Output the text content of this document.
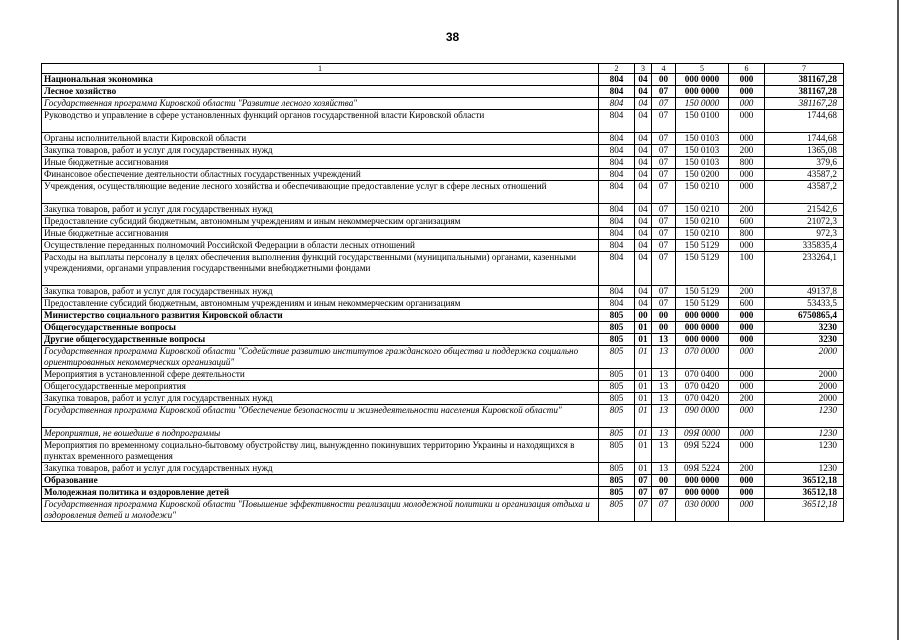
38
1	2	3	4	5	6	7
Национальная экономика	804	04	00	000 0000	000	381167,28
Лесное хозяйство	804	04	07	000 0000	000	381167,28
Государственная программа Кировской области "Развитие лесного хозяйства"	804	04	07	150 0000	000	381167,28
Руководство и управление в сфере установленных функций органов государственной власти Кировской области	804	04	07	150 0100	000	1744,68
Органы исполнительной власти Кировской области	804	04	07	150 0103	000	1744,68
Закупка товаров, работ и услуг для государственных нужд	804	04	07	150 0103	200	1365,08
Иные бюджетные ассигнования	804	04	07	150 0103	800	379,6
Финансовое обеспечение деятельности областных государственных учреждений	804	04	07	150 0200	000	43587,2
Учреждения, осуществляющие ведение лесного хозяйства и обеспечивающие предоставление услуг в сфере лесных отношений	804	04	07	150 0210	000	43587,2
Закупка товаров, работ и услуг для государственных нужд	804	04	07	150 0210	200	21542,6
Предоставление субсидий бюджетным, автономным учреждениям и иным некоммерческим организациям	804	04	07	150 0210	600	21072,3
Иные бюджетные ассигнования	804	04	07	150 0210	800	972,3
Осуществление переданных полномочий Российской Федерации в области лесных отношений	804	04	07	150 5129	000	335835,4
Расходы на выплаты персоналу в целях обеспечения выполнения функций государственными (муниципальными) органами, казенными учреждениями, органами управления государственными внебюджетными фондами	804	04	07	150 5129	100	233264,1
Закупка товаров, работ и услуг для государственных нужд	804	04	07	150 5129	200	49137,8
Предоставление субсидий бюджетным, автономным учреждениям и иным некоммерческим организациям	804	04	07	150 5129	600	53433,5
Министерство социального развития Кировской области	805	00	00	000 0000	000	6750865,4
Общегосударственные вопросы	805	01	00	000 0000	000	3230
Другие общегосударственные вопросы	805	01	13	000 0000	000	3230
Государственная программа Кировской области "Содействие развитию институтов гражданского общества и поддержка социально ориентированных некоммерческих организаций"	805	01	13	070 0000	000	2000
Мероприятия в установленной сфере деятельности	805	01	13	070 0400	000	2000
Общегосударственные мероприятия	805	01	13	070 0420	000	2000
Закупка товаров, работ и услуг для государственных нужд	805	01	13	070 0420	200	2000
Государственная программа Кировской области "Обеспечение безопасности и жизнедеятельности населения Кировской области"	805	01	13	090 0000	000	1230
Мероприятия, не вошедшие в подпрограммы	805	01	13	09Я 0000	000	1230
Мероприятия по временному социально-бытовому обустройству лиц, вынужденно покинувших территорию Украины и находящихся в пунктах временного размещения	805	01	13	09Я 5224	000	1230
Закупка товаров, работ и услуг для государственных нужд	805	01	13	09Я 5224	200	1230
Образование	805	07	00	000 0000	000	36512,18
Молодежная политика и оздоровление детей	805	07	07	000 0000	000	36512,18
Государственная программа Кировской области "Повышение эффективности реализации молодежной политики и организация отдыха и оздоровления детей и молодежи"	805	07	07	030 0000	000	36512,18
